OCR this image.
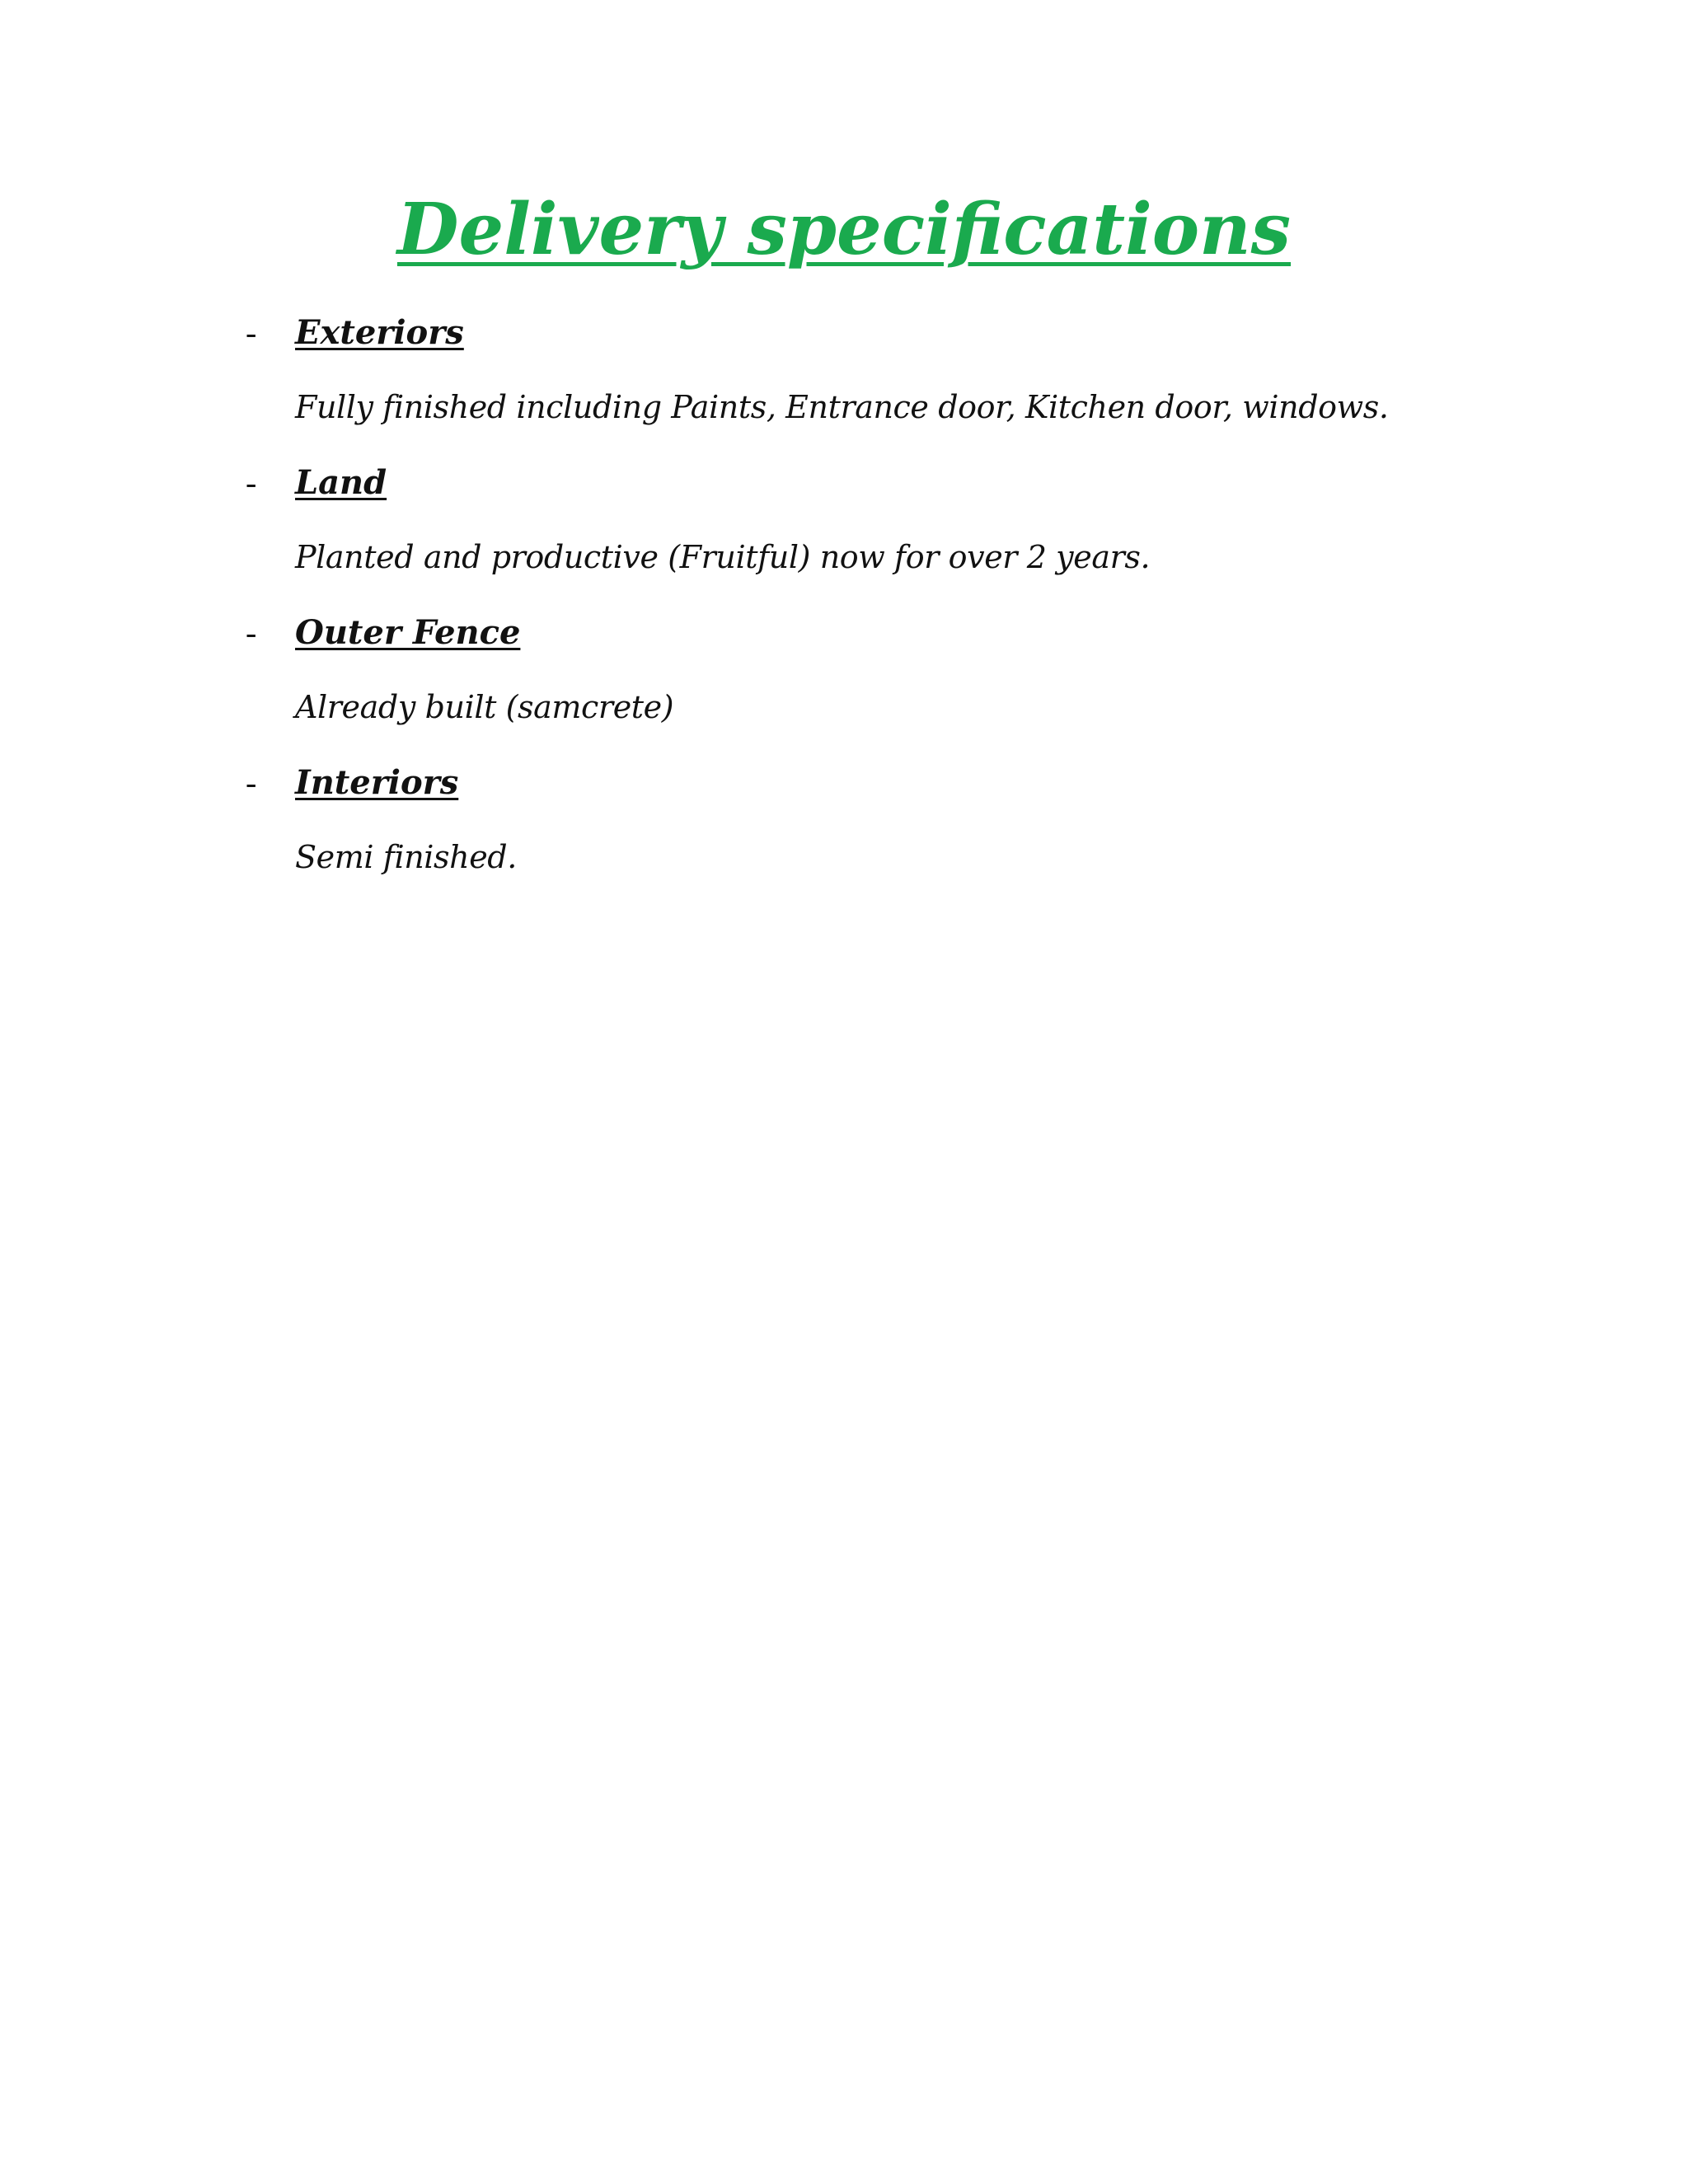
Delivery specifications
- Exteriors
Fully finished including Paints, Entrance door, Kitchen door, windows.
- Land
Planted and productive (Fruitful) now for over 2 years.
- Outer Fence
Already built (samcrete)
- Interiors
Semi finished.
